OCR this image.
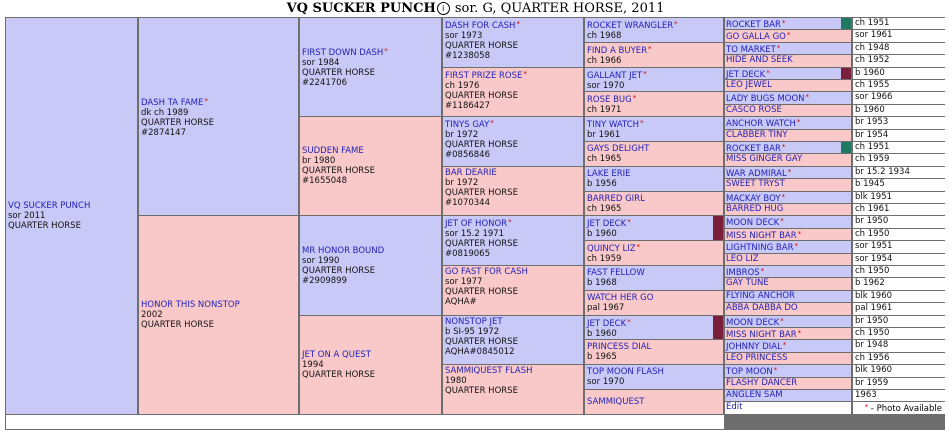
VQ SUCKER PUNCH i sor. G, QUARTER HORSE, 2011
VQ SUCKER PUNCH
sor 2011
QUARTER HORSE
DASH TA FAME*
dk ch 1989
QUARTER HORSE
#2874147
HONOR THIS NONSTOP
2002
QUARTER HORSE
FIRST DOWN DASH*
sor 1984
QUARTER HORSE
#2241706
SUDDEN FAME
br 1980
QUARTER HORSE
#1655048
MR HONOR BOUND
sor 1990
QUARTER HORSE
#2909899
JET ON A QUEST
1994
QUARTER HORSE
DASH FOR CASH*
sor 1973
QUARTER HORSE
#1238058
FIRST PRIZE ROSE*
ch 1976
QUARTER HORSE
#1186427
TINYS GAY*
br 1972
QUARTER HORSE
#0856846
BAR DEARIE
br 1972
QUARTER HORSE
#1070344
JET OF HONOR*
sor 15.2 1971
QUARTER HORSE
#0819065
GO FAST FOR CASH
sor 1977
QUARTER HORSE
AQHA#
NONSTOP JET
b SI-95 1972
QUARTER HORSE
AQHA#0845012
SAMMIQUEST FLASH
1980
QUARTER HORSE
ROCKET WRANGLER*
ch 1968
FIND A BUYER*
ch 1966
GALLANT JET*
sor 1970
ROSE BUG*
ch 1971
TINY WATCH*
br 1961
GAYS DELIGHT
ch 1965
LAKE ERIE
b 1956
BARRED GIRL
ch 1965
JET DECK*
b 1960
QUINCY LIZ*
ch 1959
FAST FELLOW
b 1968
WATCH HER GO
pal 1967
JET DECK*
b 1960
PRINCESS DIAL
b 1965
TOP MOON FLASH
sor 1970
SAMMIQUEST
ROCKET BAR*	ch 1951
GO GALLA GO*	sor 1961
TO MARKET*	ch 1948
HIDE AND SEEK	ch 1952
JET DECK*	b 1960
LEO JEWEL	ch 1955
LADY BUGS MOON*	sor 1966
CASCO ROSE	b 1960
ANCHOR WATCH*	br 1953
CLABBER TINY	br 1954
ROCKET BAR*	ch 1951
MISS GINGER GAY	ch 1959
WAR ADMIRAL*	br 15.2 1934
SWEET TRYST	b 1945
MACKAY BOY*	blk 1951
BARRED HUG	ch 1961
MOON DECK*	br 1950
MISS NIGHT BAR*	ch 1950
LIGHTNING BAR*	sor 1951
LEO LIZ	sor 1954
IMBROS*	ch 1950
GAY TUNE	b 1962
FLYING ANCHOR	blk 1960
ABBA DABBA DO	pal 1961
MOON DECK*	br 1950
MISS NIGHT BAR*	ch 1950
JOHNNY DIAL*	br 1948
LEO PRINCESS	ch 1956
TOP MOON*	blk 1960
FLASHY DANCER	br 1959
ANGLEN SAM	1963
Edit	* - Photo Available
